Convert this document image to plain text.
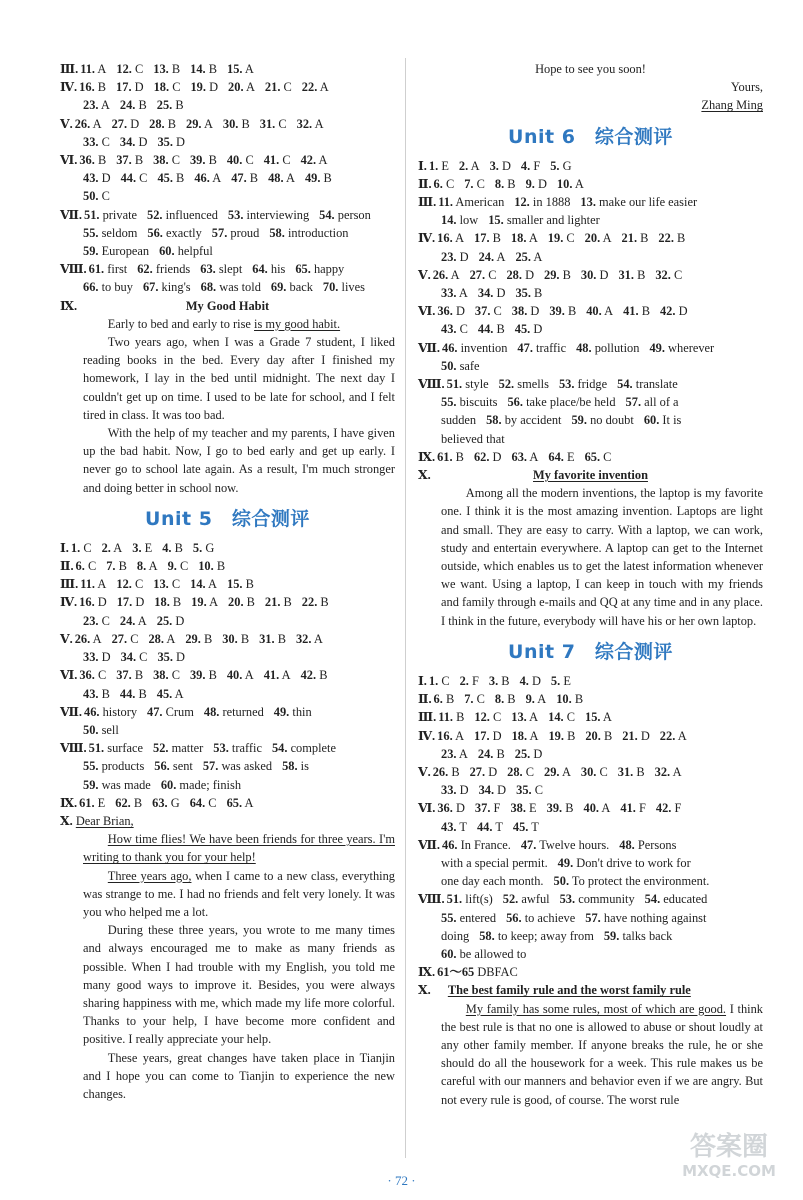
Ⅲ. 11. A 12. C 13. B 14. B 15. A
Ⅳ. 16. B 17. D 18. C 19. D 20. A 21. C 22. A
23. A 24. B 25. B
Ⅴ. 26. A 27. D 28. B 29. A 30. B 31. C 32. A
33. C 34. D 35. D
Ⅵ. 36. B 37. B 38. C 39. B 40. C 41. C 42. A
43. D 44. C 45. B 46. A 47. B 48. A 49. B
50. C
Ⅶ. 51. private 52. influenced 53. interviewing 54. person
55. seldom 56. exactly 57. proud 58. introduction
59. European 60. helpful
Ⅷ. 61. first 62. friends 63. slept 64. his 65. happy
66. to buy 67. king's 68. was told 69. back 70. lives
Ⅸ.	My Good Habit

Early to bed and early to rise is my good habit.

Two years ago, when I was a Grade 7 student, I liked reading books in the bed. Every day after I finished my homework, I lay in the bed until midnight. The next day I couldn't get up on time. I used to be late for school, and I felt tired in class. It was too bad.

With the help of my teacher and my parents, I have given up the bad habit. Now, I go to bed early and get up early. I never go to school late again. As a result, I'm much stronger and doing better in school now.

Unit 5　综合测评
Ⅰ. 1. C 2. A 3. E 4. B 5. G
Ⅱ. 6. C 7. B 8. A 9. C 10. B
Ⅲ. 11. A 12. C 13. C 14. A 15. B
Ⅳ. 16. D 17. D 18. B 19. A 20. B 21. B 22. B
23. C 24. A 25. D
Ⅴ. 26. A 27. C 28. A 29. B 30. B 31. B 32. A
33. D 34. C 35. D
Ⅵ. 36. C 37. B 38. C 39. B 40. A 41. A 42. B
43. B 44. B 45. A
Ⅶ. 46. history 47. Crum 48. returned 49. thin
50. sell
Ⅷ. 51. surface 52. matter 53. traffic 54. complete
55. products 56. sent 57. was asked 58. is
59. was made 60. made; finish
Ⅸ. 61. E 62. B 63. G 64. C 65. A
Ⅹ. Dear Brian,

How time flies! We have been friends for three years. I'm writing to thank you for your help!

Three years ago, when I came to a new class, everything was strange to me. I had no friends and felt very lonely. It was you who helped me a lot.

During these three years, you wrote to me many times and always encouraged me to make as many friends as possible. When I had trouble with my English, you told me many good ways to improve it. Besides, you were always sharing happiness with me, which made my life more colorful. Thanks to your help, I have become more confident and positive. I really appreciate your help.

These years, great changes have taken place in Tianjin and I hope you can come to Tianjin to experience the new changes.

Hope to see you soon!
Yours,
Zhang Ming
Unit 6　综合测评
Ⅰ. 1. E 2. A 3. D 4. F 5. G
Ⅱ. 6. C 7. C 8. B 9. D 10. A
Ⅲ. 11. American 12. in 1888 13. make our life easier
14. low 15. smaller and lighter
Ⅳ. 16. A 17. B 18. A 19. C 20. A 21. B 22. B
23. D 24. A 25. A
Ⅴ. 26. A 27. C 28. D 29. B 30. D 31. B 32. C
33. A 34. D 35. B
Ⅵ. 36. D 37. C 38. D 39. B 40. A 41. B 42. D
43. C 44. B 45. D
Ⅶ. 46. invention 47. traffic 48. pollution 49. wherever
50. safe
Ⅷ. 51. style 52. smells 53. fridge 54. translate
55. biscuits 56. take place/be held 57. all of a
sudden 58. by accident 59. no doubt 60. It is
believed that
Ⅸ. 61. B 62. D 63. A 64. E 65. C
Ⅹ.	My favorite invention

Among all the modern inventions, the laptop is my favorite one. I think it is the most amazing invention. Laptops are light and small. They are easy to carry. With a laptop, we can work, study and entertain everywhere. A laptop can get to the Internet outside, which enables us to get the latest information whenever we want. Using a laptop, I can keep in touch with my friends and family through e-mails and QQ at any time and in any place. I think in the future, everybody will have his or her own laptop.

Unit 7　综合测评
Ⅰ. 1. C 2. F 3. B 4. D 5. E
Ⅱ. 6. B 7. C 8. B 9. A 10. B
Ⅲ. 11. B 12. C 13. A 14. C 15. A
Ⅳ. 16. A 17. D 18. A 19. B 20. B 21. D 22. A
23. A 24. B 25. D
Ⅴ. 26. B 27. D 28. C 29. A 30. C 31. B 32. A
33. D 34. D 35. C
Ⅵ. 36. D 37. F 38. E 39. B 40. A 41. F 42. F
43. T 44. T 45. T
Ⅶ. 46. In France. 47. Twelve hours. 48. Persons
with a special permit. 49. Don't drive to work for
one day each month. 50. To protect the environment.
Ⅷ. 51. lift(s) 52. awful 53. community 54. educated
55. entered 56. to achieve 57. have nothing against
doing 58. to keep; away from 59. talks back
60. be allowed to
Ⅸ. 61～65 DBFAC
Ⅹ. The best family rule and the worst family rule

My family has some rules, most of which are good. I think the best rule is that no one is allowed to abuse or shout loudly at any other family member. If anyone breaks the rule, he or she should do all the housework for a week. This rule makes us be careful with our manners and behavior even if we are angry. But not every rule is good, of course. The worst rule

· 72 ·
答案圈
MXQE.COM
